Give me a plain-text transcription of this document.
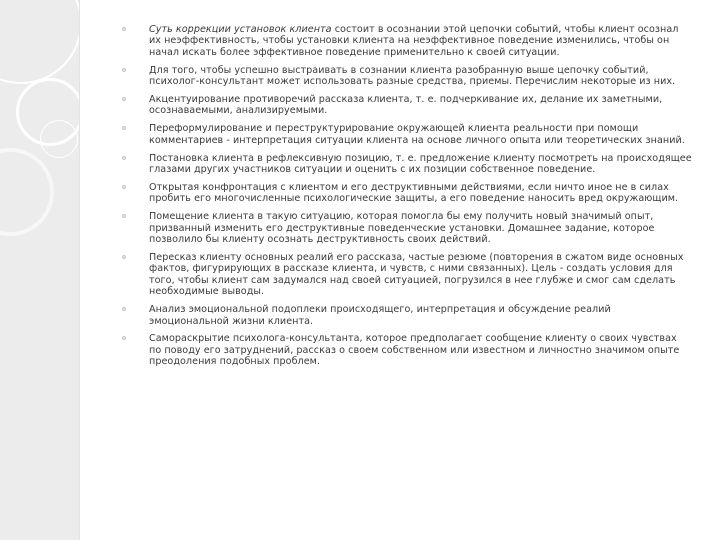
Суть коррекции установок клиента состоит в осознании этой цепочки событий, чтобы клиент осознал их неэффективность, чтобы установки клиента на неэффективное поведение изменились, чтобы он начал искать более эффективное поведение применительно к своей ситуации.
Для того, чтобы успешно выстраивать в сознании клиента разобранную выше цепочку событий, психолог-консультант может использовать разные средства, приемы. Перечислим некоторые из них.
Акцентуирование противоречий рассказа клиента, т. е. подчеркивание их, делание их заметными, осознаваемыми, анализируемыми.
Переформулирование и переструктурирование окружающей клиента реальности при помощи комментариев - интерпретация ситуации клиента на основе личного опыта или теоретических знаний.
Постановка клиента в рефлексивную позицию, т. е. предложение клиенту посмотреть на происходящее глазами других участников ситуации и оценить с их позиции собственное поведение.
Открытая конфронтация с клиентом и его деструктивными действиями, если ничто иное не в силах пробить его многочисленные психологические защиты, а его поведение наносить вред окружающим.
Помещение клиента в такую ситуацию, которая помогла бы ему получить новый значимый опыт, призванный изменить его деструктивные поведенческие установки. Домашнее задание, которое позволило бы клиенту осознать деструктивность своих действий.
Пересказ клиенту основных реалий его рассказа, частые резюме (повторения в сжатом виде основных фактов, фигурирующих в рассказе клиента, и чувств, с ними связанных). Цель - создать условия для того, чтобы клиент сам задумался над своей ситуацией, погрузился в нее глубже и смог сам сделать необходимые выводы.
Анализ эмоциональной подоплеки происходящего, интерпретация и обсуждение реалий эмоциональной жизни клиента.
Самораскрытие психолога-консультанта, которое предполагает сообщение клиенту о своих чувствах по поводу его затруднений, рассказ о своем собственном или известном и личностно значимом опыте преодоления подобных проблем.
